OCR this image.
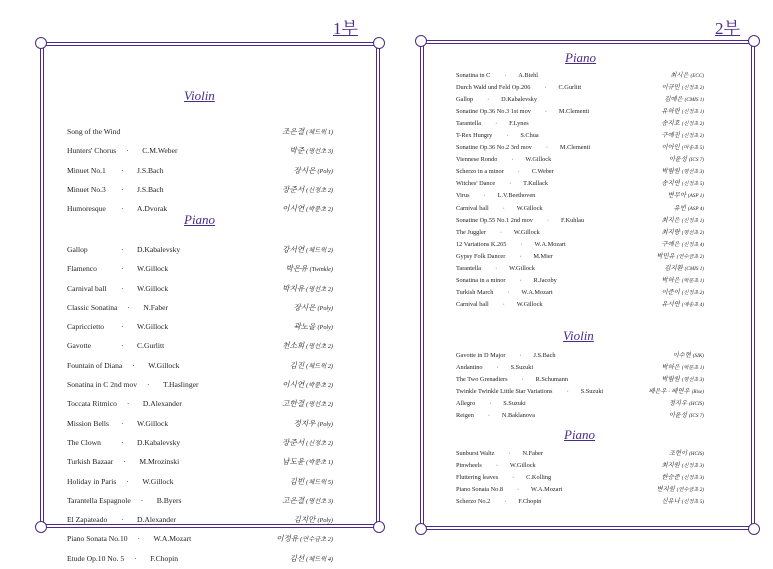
1부
Violin
Song of the Wind	조은결 (채드윅 1)
Hunters' Chorus · C.M.Weber	박준 (명선초 3)
Minuet No.1 · J.S.Bach	장시은 (Poly)
Minuet No.3 · J.S.Bach	장준서 (신정초 2)
Humoresque · A.Dvorak	이시연 (박문초 2)
Piano
Gallop	· D.Kabalevsky	강서연 (채드윅 2)
Flamenco	· W.Gillock	박은유 (Twinkle)
Carnival ball · W.Gillock	박지유 (명선초 2)
Classic Sonatina · N.Faber	장시은 (Poly)
Capriccietto · W.Gillock	곽노을 (Poly)
Gavotte	· C.Gurlitt	천소희 (명선초 2)
Fountain of Diana · W.Gillock	김진 (채드윅 2)
Sonatina in C 2nd mov · T.Haslinger	이시연 (박문초 2)
Toccata Ritmico · D.Alexander	고한결 (명선초 2)
Mission Bells · W.Gillock	정지우 (Poly)
The Clown	· D.Kabalevsky	장준서 (신정초 2)
Turkish Bazaar · M.Mrozinski	남도윤 (박문초 1)
Holiday in Paris · W.Gillock	김빈 (채드윅 5)
Tarantella Espagnole · B.Byers	고은결 (명선초 3)
El Zapateado · D.Alexander	김지안 (Poly)
Piano Sonata No.10 · W.A.Mozart	이정유 (연수금초 2)
Etude Op.10 No. 5 · F.Chopin	김선 (채드윅 4)
2부
Piano
Sonatina in C · A.Biehl	최시은 (ECC)
Durch Wald und Feld Op.206 · C.Gurlitt	이규민 (신정초 2)
Gallop · D.Kabalevsky	김예은 (CMIS 1)
Sonatine Op.36 No.3 1st mov · M.Clementi	유하린 (신정초 1)
Tarantella · F.Lynes	송지호 (신정초 2)
T-Rex Hungry · S.Chua	구예진 (신정초 2)
Sonatine Op.36 No.2 3rd mov · M.Clementi	이아인 (마송초 5)
Viennese Rondo · W.Gillock	이윤성 (ICS 7)
Scherzo in a minor · C.Weber	박림원 (명선초 3)
Witches' Dance · T.Kullack	송지연 (신정초 5)
Virus · L.V.Beethoven	변무아 (ASP 1)
Carnival ball · W.Gillock	유빈 (ASP 4)
Sonatine Op.55 No.1 2nd mov · F.Kuhlau	최지은 (신정초 1)
The Juggler · W.Gillock	최지량 (명선초 2)
12 Variations K.265 · W.A.Mozart	구예은 (신정초 4)
Gypsy Folk Dancer · M.Mier	박민유 (연수금초 2)
Tarantella · W.Gillock	김지환 (CMIS 1)
Sonatina in a minor · R.Jacoby	박하은 (박문초 1)
Turkish March · W.A.Mozart	이준이 (신정초 2)
Carnival ball · W.Gillock	유서연 (예송초 4)
Violin
Gavotte in D Major · J.S.Bach	이수현 (SIK)
Andantino · S.Suzuki	박하은 (박문초 1)
The Two Grenadiers · R.Schumann	박림원 (명선초 3)
Twinkle Twinkle Little Star Variations · S.Suzuki	배은우 · 배연우 (Rise)
Allegro · S.Suzuki	정지우 (HCIS)
Reigen · N.Baklanova	이윤성 (ICS 7)
Piano
Sunburst Waltz · N.Faber	조현이 (HCIS)
Pinwheels · W.Gillock	최지원 (신정초 3)
Fluttering leaves · C.Kolling	한승준 (신정초 3)
Piano Sonata No.8 · W.A.Mozart	변지원 (연수금초 2)
Scherzo No.2 · F.Chopin	신유나 (신정초 5)
